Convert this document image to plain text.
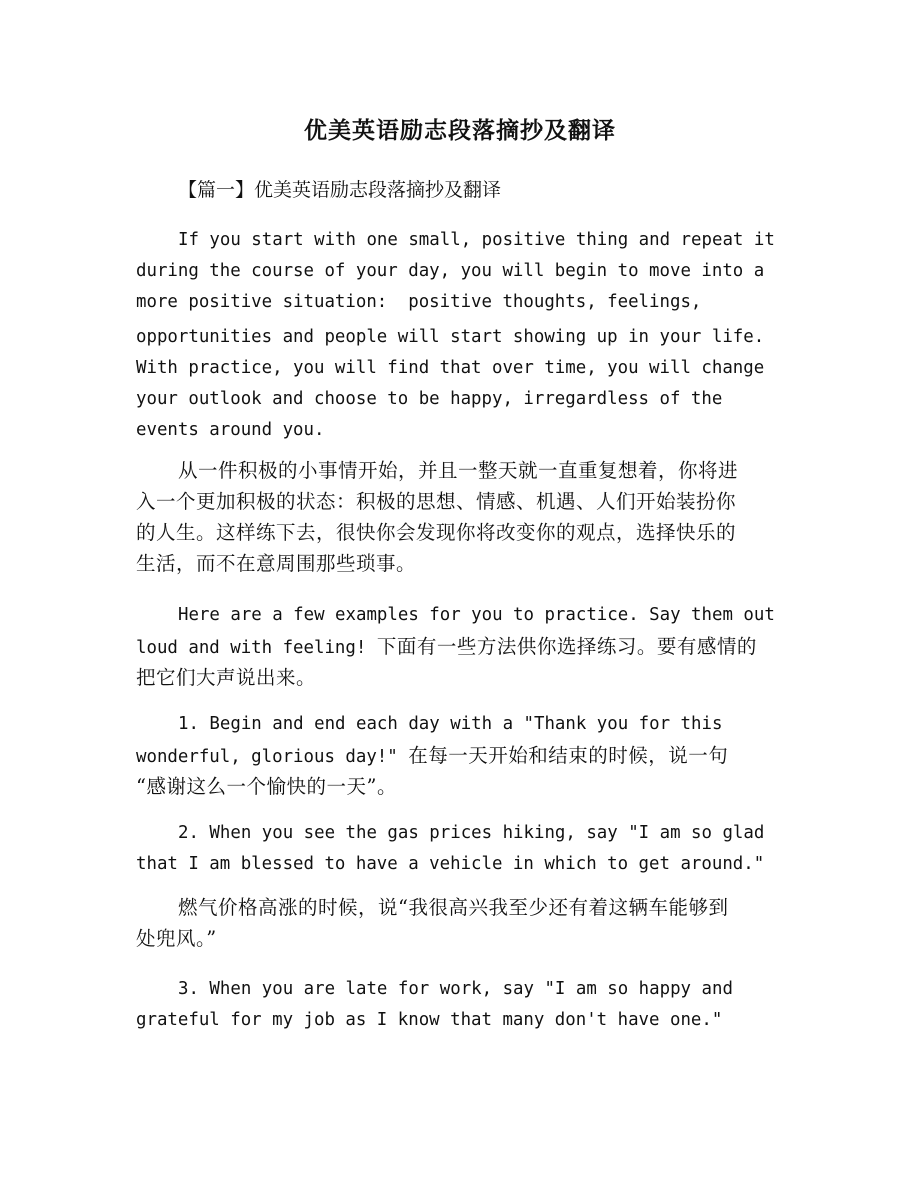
优美英语励志段落摘抄及翻译
【篇一】优美英语励志段落摘抄及翻译
If you start with one small, positive thing and repeat it
during the course of your day, you will begin to move into a
more positive situation:  positive thoughts, feelings,
opportunities and people will start showing up in your life.
With practice, you will find that over time, you will change
your outlook and choose to be happy, irregardless of the
events around you.
从一件积极的小事情开始，并且一整天就一直重复想着，你将进
入一个更加积极的状态：积极的思想、情感、机遇、人们开始装扮你
的人生。这样练下去，很快你会发现你将改变你的观点，选择快乐的
生活，而不在意周围那些琐事。
Here are a few examples for you to practice. Say them out
loud and with feeling! 下面有一些方法供你选择练习。要有感情的
把它们大声说出来。
1. Begin and end each day with a "Thank you for this
wonderful, glorious day!" 在每一天开始和结束的时候，说一句
“感谢这么一个愉快的一天”。
2. When you see the gas prices hiking, say "I am so glad
that I am blessed to have a vehicle in which to get around."
燃气价格高涨的时候，说“我很高兴我至少还有着这辆车能够到
处兜风。”
3. When you are late for work, say "I am so happy and
grateful for my job as I know that many don't have one."
